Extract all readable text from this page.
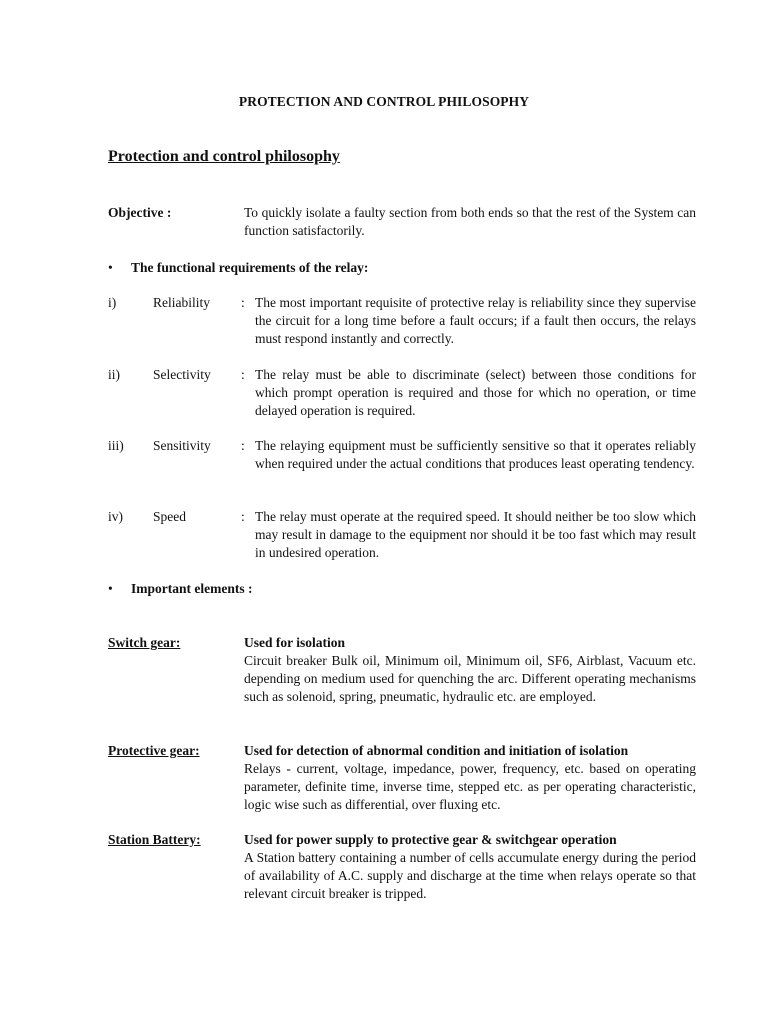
PROTECTION AND CONTROL PHILOSOPHY
Protection and control philosophy
Objective :	To quickly isolate a faulty section from both ends so that the rest of the System can function satisfactorily.
•	The functional requirements of the relay:
i)	Reliability : The most important requisite of protective relay is reliability since they supervise the circuit for a long time before a fault occurs; if a fault then occurs, the relays must respond instantly and correctly.
ii) Selectivity : The relay must be able to discriminate (select) between those conditions for which prompt operation is required and those for which no operation, or time delayed operation is required.
iii) Sensitivity : The relaying equipment must be sufficiently sensitive so that it operates reliably when required under the actual conditions that produces least operating tendency.
iv) Speed	: The relay must operate at the required speed. It should neither be too slow which may result in damage to the equipment nor should it be too fast which may result in undesired operation.
•	Important elements :
Switch gear:	Used for isolation
Circuit breaker Bulk oil, Minimum oil, Minimum oil, SF6, Airblast, Vacuum etc. depending on medium used for quenching the arc. Different operating mechanisms such as solenoid, spring, pneumatic, hydraulic etc. are employed.
Protective gear:	Used for detection of abnormal condition and initiation of isolation
Relays - current, voltage, impedance, power, frequency, etc. based on operating parameter, definite time, inverse time, stepped etc. as per operating characteristic, logic wise such as differential, over fluxing etc.
Station Battery:	Used for power supply to protective gear & switchgear operation
A Station battery containing a number of cells accumulate energy during the period of availability of A.C. supply and discharge at the time when relays operate so that relevant circuit breaker is tripped.
